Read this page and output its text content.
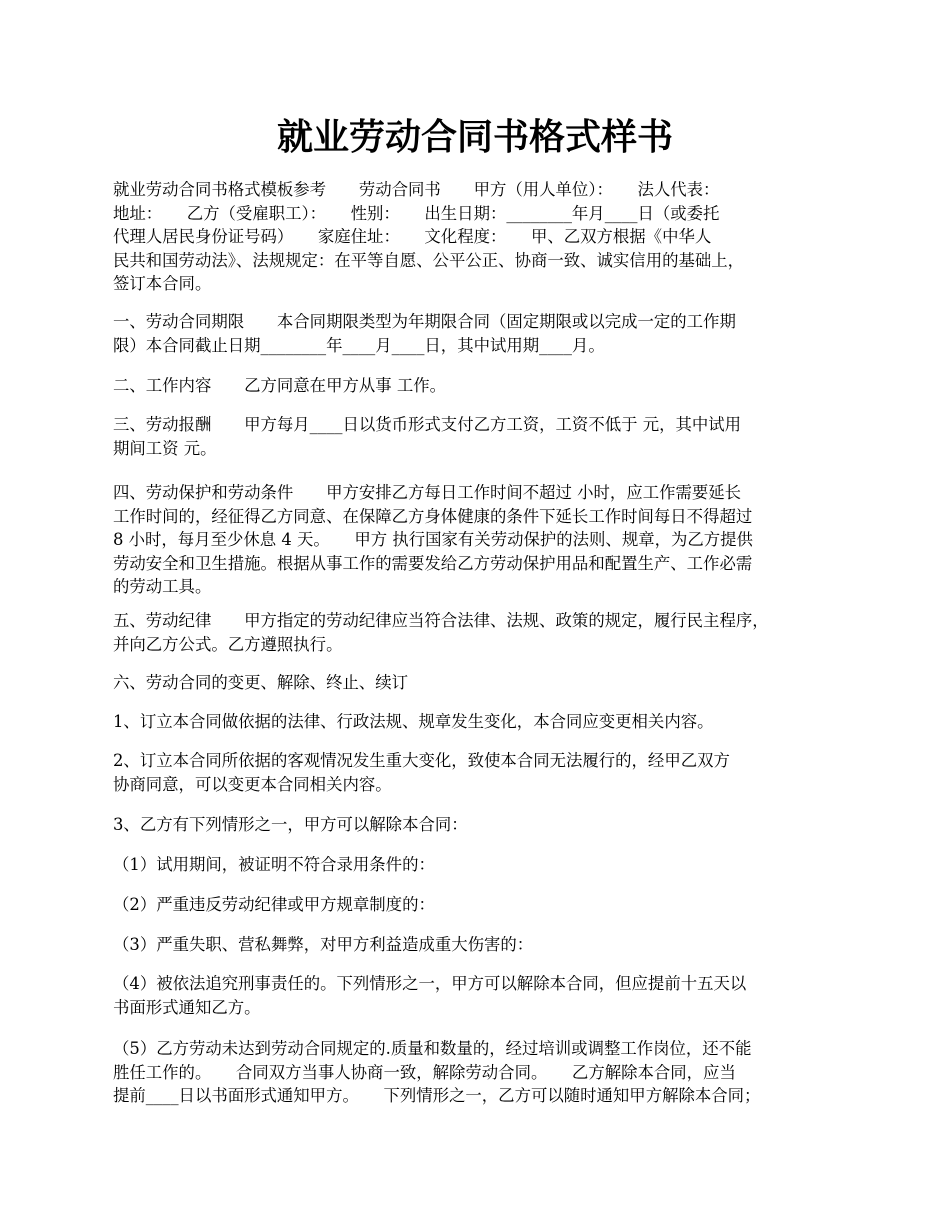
就业劳动合同书格式样书
就业劳动合同书格式模板参考　　劳动合同书　　甲方（用人单位）：　　法人代表：
地址：　　乙方（受雇职工）：　　性别：　　出生日期：________年月____日（或委托
代理人居民身份证号码）　　家庭住址：　　文化程度：　　甲、乙双方根据《中华人
民共和国劳动法》、法规规定：在平等自愿、公平公正、协商一致、诚实信用的基础上，
签订本合同。
一、劳动合同期限　　本合同期限类型为年期限合同（固定期限或以完成一定的工作期
限）本合同截止日期________年____月____日，其中试用期____月。
二、工作内容　　乙方同意在甲方从事 工作。
三、劳动报酬　　甲方每月____日以货币形式支付乙方工资，工资不低于 元，其中试用
期间工资 元。
四、劳动保护和劳动条件　　甲方安排乙方每日工作时间不超过 小时，应工作需要延长
工作时间的，经征得乙方同意、在保障乙方身体健康的条件下延长工作时间每日不得超过
8 小时，每月至少休息 4 天。　　甲方 执行国家有关劳动保护的法则、规章，为乙方提供
劳动安全和卫生措施。根据从事工作的需要发给乙方劳动保护用品和配置生产、工作必需
的劳动工具。
五、劳动纪律　　甲方指定的劳动纪律应当符合法律、法规、政策的规定，履行民主程序，
并向乙方公式。乙方遵照执行。
六、劳动合同的变更、解除、终止、续订
1、订立本合同做依据的法律、行政法规、规章发生变化，本合同应变更相关内容。
2、订立本合同所依据的客观情况发生重大变化，致使本合同无法履行的，经甲乙双方
协商同意，可以变更本合同相关内容。
3、乙方有下列情形之一，甲方可以解除本合同：
（1）试用期间，被证明不符合录用条件的：
（2）严重违反劳动纪律或甲方规章制度的：
（3）严重失职、营私舞弊，对甲方利益造成重大伤害的：
（4）被依法追究刑事责任的。下列情形之一，甲方可以解除本合同，但应提前十五天以
书面形式通知乙方。
（5）乙方劳动未达到劳动合同规定的.质量和数量的，经过培训或调整工作岗位，还不能
胜任工作的。　　合同双方当事人协商一致，解除劳动合同。　　乙方解除本合同，应当
提前____日以书面形式通知甲方。　　下列情形之一，乙方可以随时通知甲方解除本合同；
